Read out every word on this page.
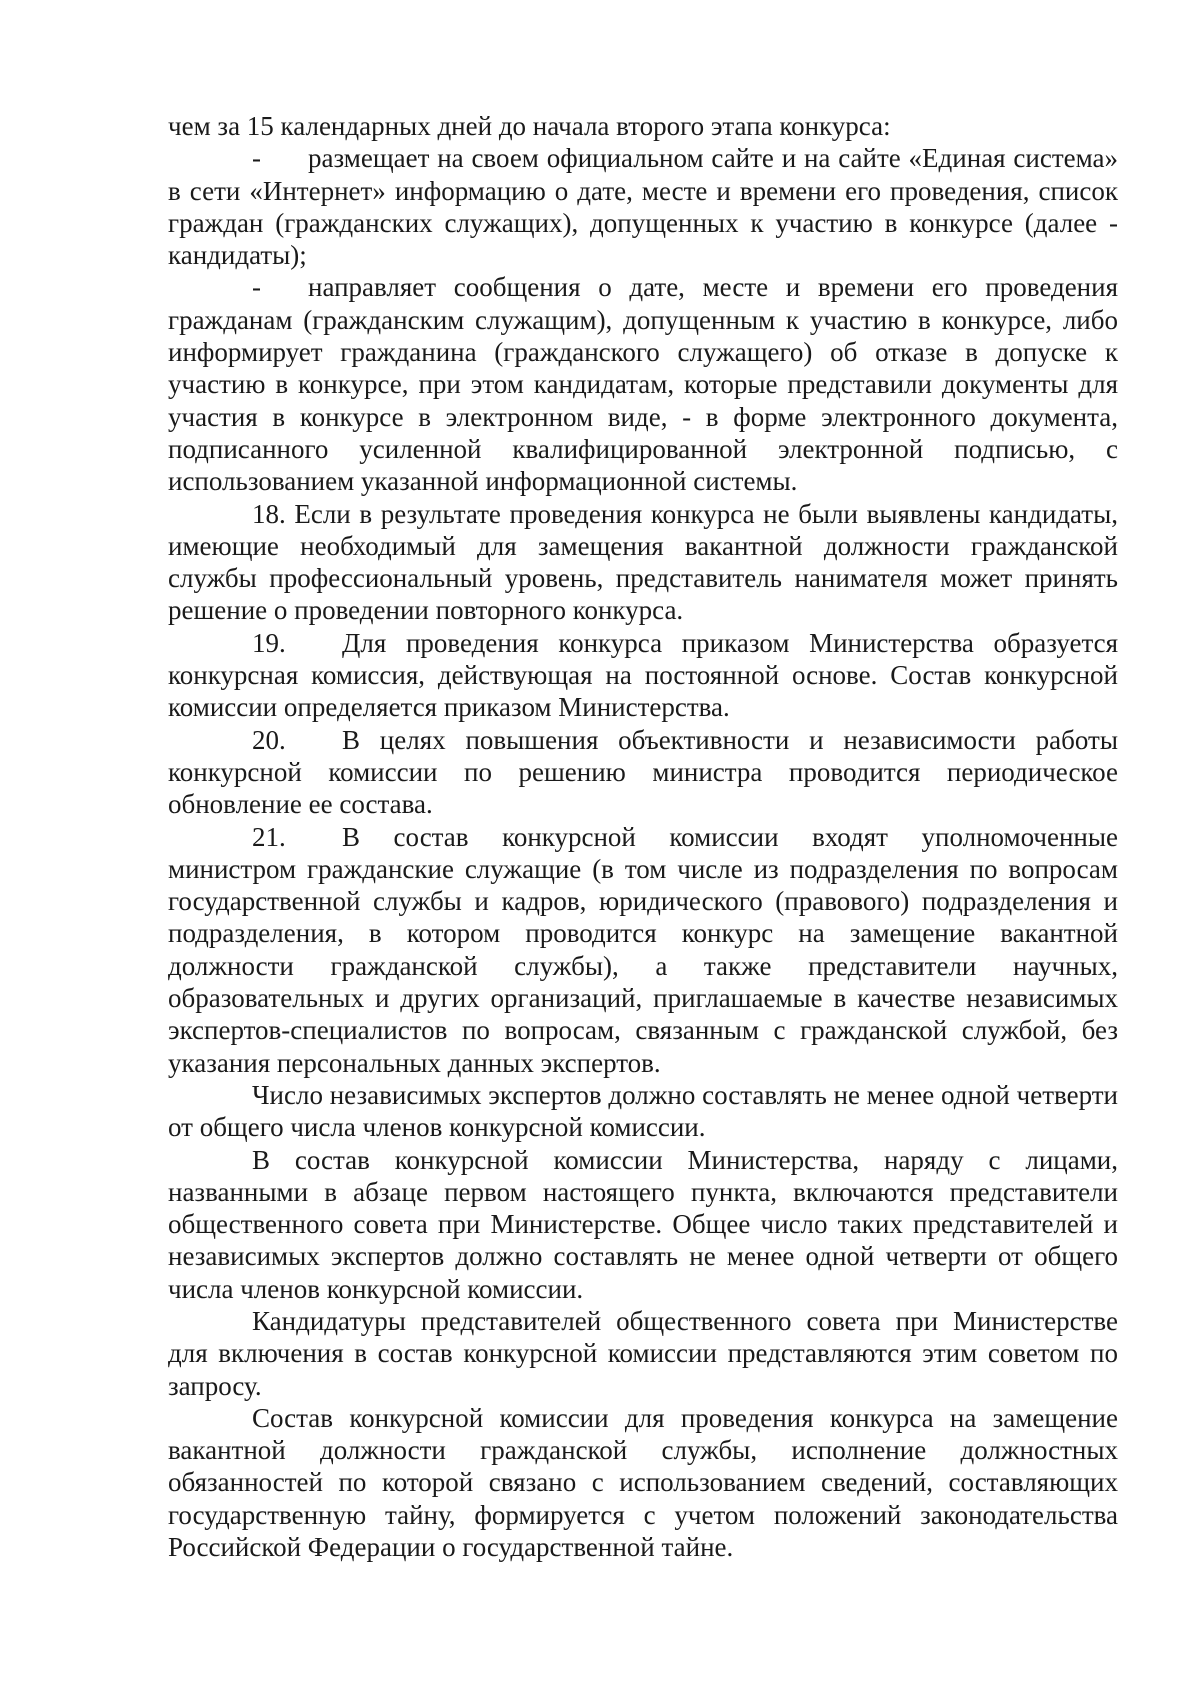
чем за 15 календарных дней до начала второго этапа конкурса:

- размещает на своем официальном сайте и на сайте «Единая система» в сети «Интернет» информацию о дате, месте и времени его проведения, список граждан (гражданских служащих), допущенных к участию в конкурсе (далее - кандидаты);

- направляет сообщения о дате, месте и времени его проведения гражданам (гражданским служащим), допущенным к участию в конкурсе, либо информирует гражданина (гражданского служащего) об отказе в допуске к участию в конкурсе, при этом кандидатам, которые представили документы для участия в конкурсе в электронном виде, - в форме электронного документа, подписанного усиленной квалифицированной электронной подписью, с использованием указанной информационной системы.

18. Если в результате проведения конкурса не были выявлены кандидаты, имеющие необходимый для замещения вакантной должности гражданской службы профессиональный уровень, представитель нанимателя может принять решение о проведении повторного конкурса.

19. Для проведения конкурса приказом Министерства образуется конкурсная комиссия, действующая на постоянной основе. Состав конкурсной комиссии определяется приказом Министерства.

20. В целях повышения объективности и независимости работы конкурсной комиссии по решению министра проводится периодическое обновление ее состава.

21. В состав конкурсной комиссии входят уполномоченные министром гражданские служащие (в том числе из подразделения по вопросам государственной службы и кадров, юридического (правового) подразделения и подразделения, в котором проводится конкурс на замещение вакантной должности гражданской службы), а также представители научных, образовательных и других организаций, приглашаемые в качестве независимых экспертов-специалистов по вопросам, связанным с гражданской службой, без указания персональных данных экспертов.

Число независимых экспертов должно составлять не менее одной четверти от общего числа членов конкурсной комиссии.

В состав конкурсной комиссии Министерства, наряду с лицами, названными в абзаце первом настоящего пункта, включаются представители общественного совета при Министерстве. Общее число таких представителей и независимых экспертов должно составлять не менее одной четверти от общего числа членов конкурсной комиссии.

Кандидатуры представителей общественного совета при Министерстве для включения в состав конкурсной комиссии представляются этим советом по запросу.

Состав конкурсной комиссии для проведения конкурса на замещение вакантной должности гражданской службы, исполнение должностных обязанностей по которой связано с использованием сведений, составляющих государственную тайну, формируется с учетом положений законодательства Российской Федерации о государственной тайне.
